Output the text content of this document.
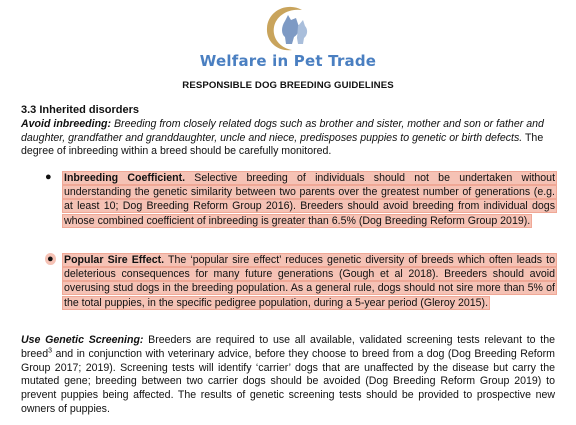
Welfare in Pet Trade
RESPONSIBLE DOG BREEDING GUIDELINES
3.3 Inherited disorders
Avoid inbreeding: Breeding from closely related dogs such as brother and sister, mother and son or father and daughter, grandfather and granddaughter, uncle and niece, predisposes puppies to genetic or birth defects. The degree of inbreeding within a breed should be carefully monitored.
● Inbreeding Coefficient. Selective breeding of individuals should not be undertaken without understanding the genetic similarity between two parents over the greatest number of generations (e.g. at least 10; Dog Breeding Reform Group 2016). Breeders should avoid breeding from individual dogs whose combined coefficient of inbreeding is greater than 6.5% (Dog Breeding Reform Group 2019).
● Popular Sire Effect. The ‘popular sire effect’ reduces genetic diversity of breeds which often leads to deleterious consequences for many future generations (Gough et al 2018). Breeders should avoid overusing stud dogs in the breeding population. As a general rule, dogs should not sire more than 5% of the total puppies, in the specific pedigree population, during a 5-year period (Glerоy 2015).
Use Genetic Screening: Breeders are required to use all available, validated screening tests relevant to the breed$^3$ and in conjunction with veterinary advice, before they choose to breed from a dog (Dog Breeding Reform Group 2017; 2019). Screening tests will identify ‘carrier’ dogs that are unaffected by the disease but carry the mutated gene; breeding between two carrier dogs should be avoided (Dog Breeding Reform Group 2019) to prevent puppies being affected. The results of genetic screening tests should be provided to prospective new owners of puppies.
